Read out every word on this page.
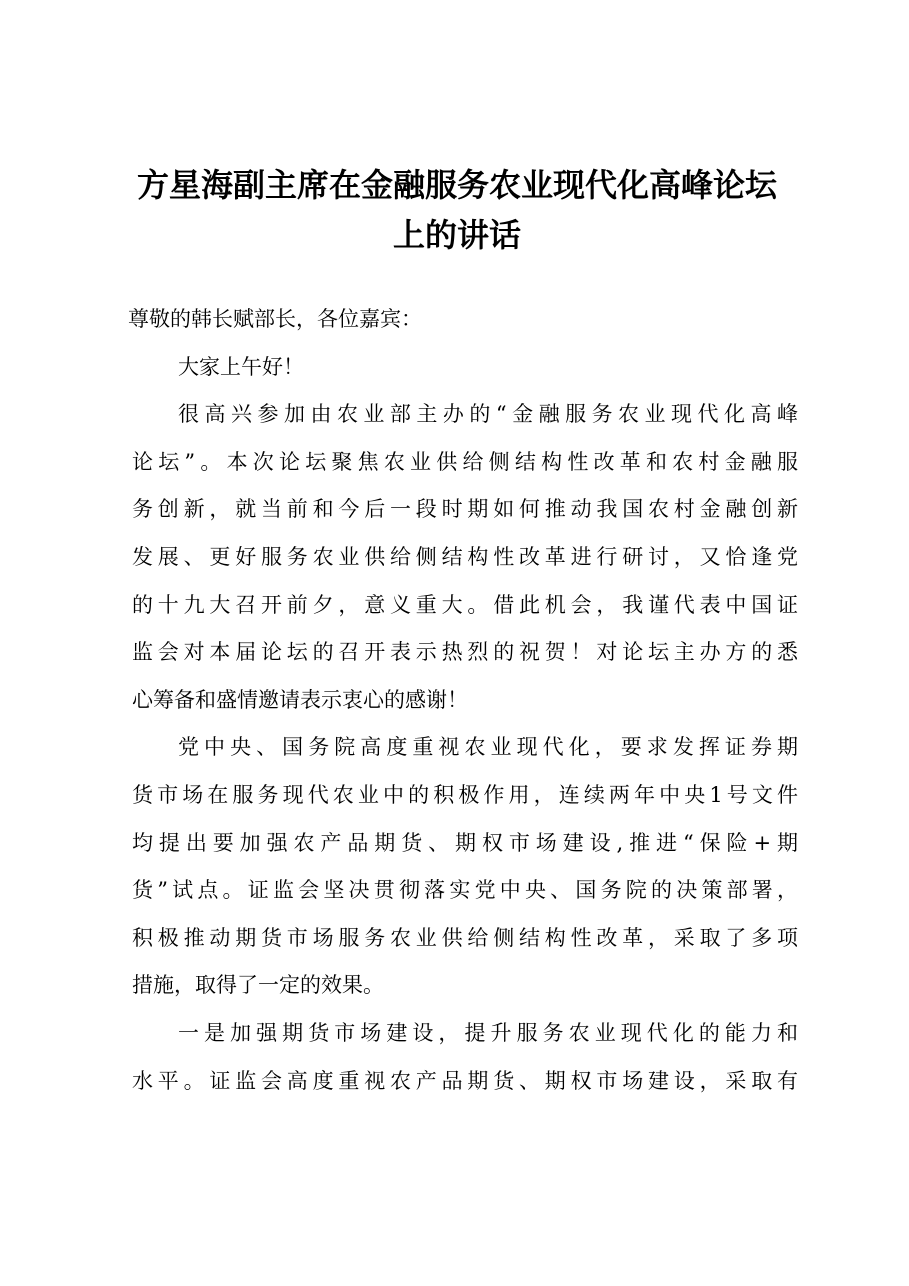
方星海副主席在金融服务农业现代化高峰论坛
上的讲话
尊敬的韩长赋部长，各位嘉宾：
大家上午好！
很高兴参加由农业部主办的“金融服务农业现代化高峰
论坛”。本次论坛聚焦农业供给侧结构性改革和农村金融服
务创新，就当前和今后一段时期如何推动我国农村金融创新
发展、更好服务农业供给侧结构性改革进行研讨，又恰逢党
的十九大召开前夕，意义重大。借此机会，我谨代表中国证
监会对本届论坛的召开表示热烈的祝贺！对论坛主办方的悉
心筹备和盛情邀请表示衷心的感谢！
党中央、国务院高度重视农业现代化，要求发挥证券期
货市场在服务现代农业中的积极作用，连续两年中央1号文件
均提出要加强农产品期货、期权市场建设,推进“保险+期
货”试点。证监会坚决贯彻落实党中央、国务院的决策部署，
积极推动期货市场服务农业供给侧结构性改革，采取了多项
措施，取得了一定的效果。
一是加强期货市场建设，提升服务农业现代化的能力和
水平。证监会高度重视农产品期货、期权市场建设，采取有
